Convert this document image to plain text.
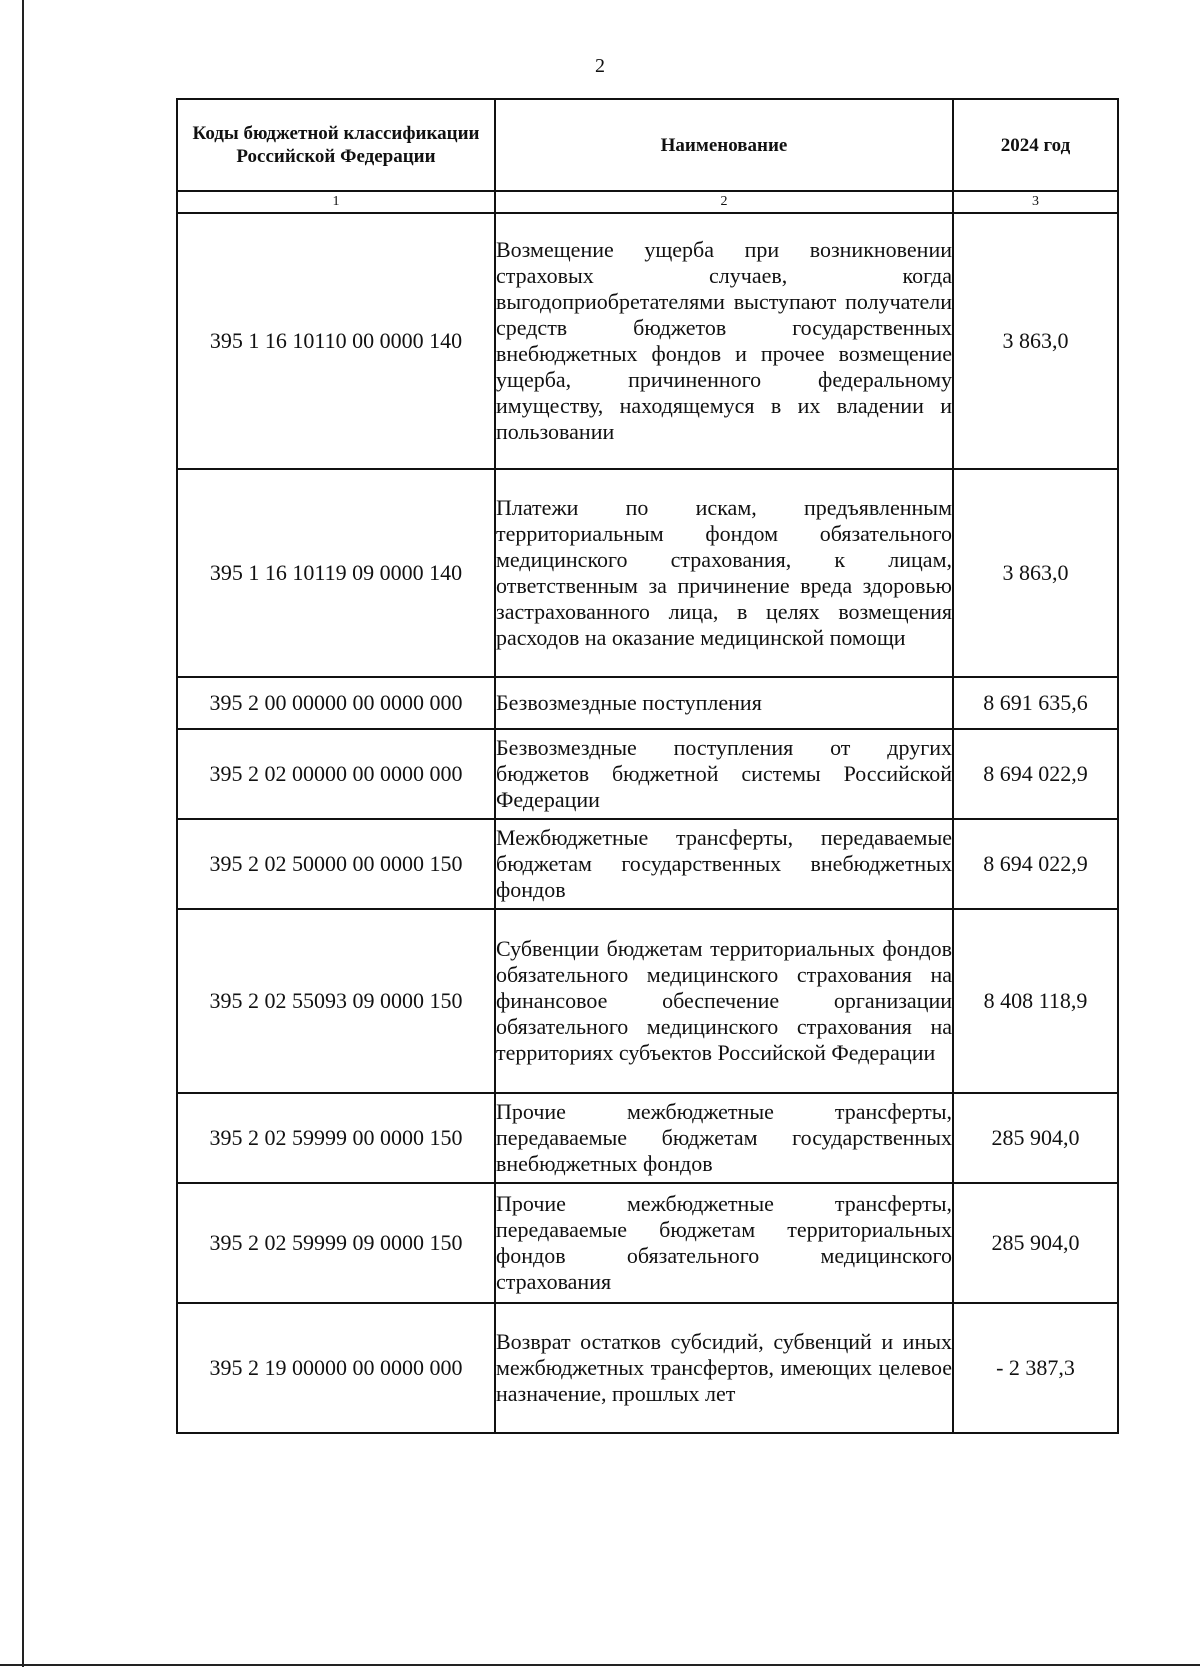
2
Коды бюджетной классификации Российской Федерации	Наименование	2024 год
1	2	3
395 1 16 10110 00 0000 140	Возмещение ущерба при возникновении страховых случаев, когда выгодоприобретателями выступают получатели средств бюджетов государственных внебюджетных фондов и прочее возмещение ущерба, причиненного федеральному имуществу, находящемуся в их владении и пользовании	3 863,0
395 1 16 10119 09 0000 140	Платежи по искам, предъявленным территориальным фондом обязательного медицинского страхования, к лицам, ответственным за причинение вреда здоровью застрахованного лица, в целях возмещения расходов на оказание медицинской помощи	3 863,0
395 2 00 00000 00 0000 000	Безвозмездные поступления	8 691 635,6
395 2 02 00000 00 0000 000	Безвозмездные поступления от других бюджетов бюджетной системы Российской Федерации	8 694 022,9
395 2 02 50000 00 0000 150	Межбюджетные трансферты, передаваемые бюджетам государственных внебюджетных фондов	8 694 022,9
395 2 02 55093 09 0000 150	Субвенции бюджетам территориальных фондов обязательного медицинского страхования на финансовое обеспечение организации обязательного медицинского страхования на территориях субъектов Российской Федерации	8 408 118,9
395 2 02 59999 00 0000 150	Прочие межбюджетные трансферты, передаваемые бюджетам государственных внебюджетных фондов	285 904,0
395 2 02 59999 09 0000 150	Прочие межбюджетные трансферты, передаваемые бюджетам территориальных фондов обязательного медицинского страхования	285 904,0
395 2 19 00000 00 0000 000	Возврат остатков субсидий, субвенций и иных межбюджетных трансфертов, имеющих целевое назначение, прошлых лет	- 2 387,3
